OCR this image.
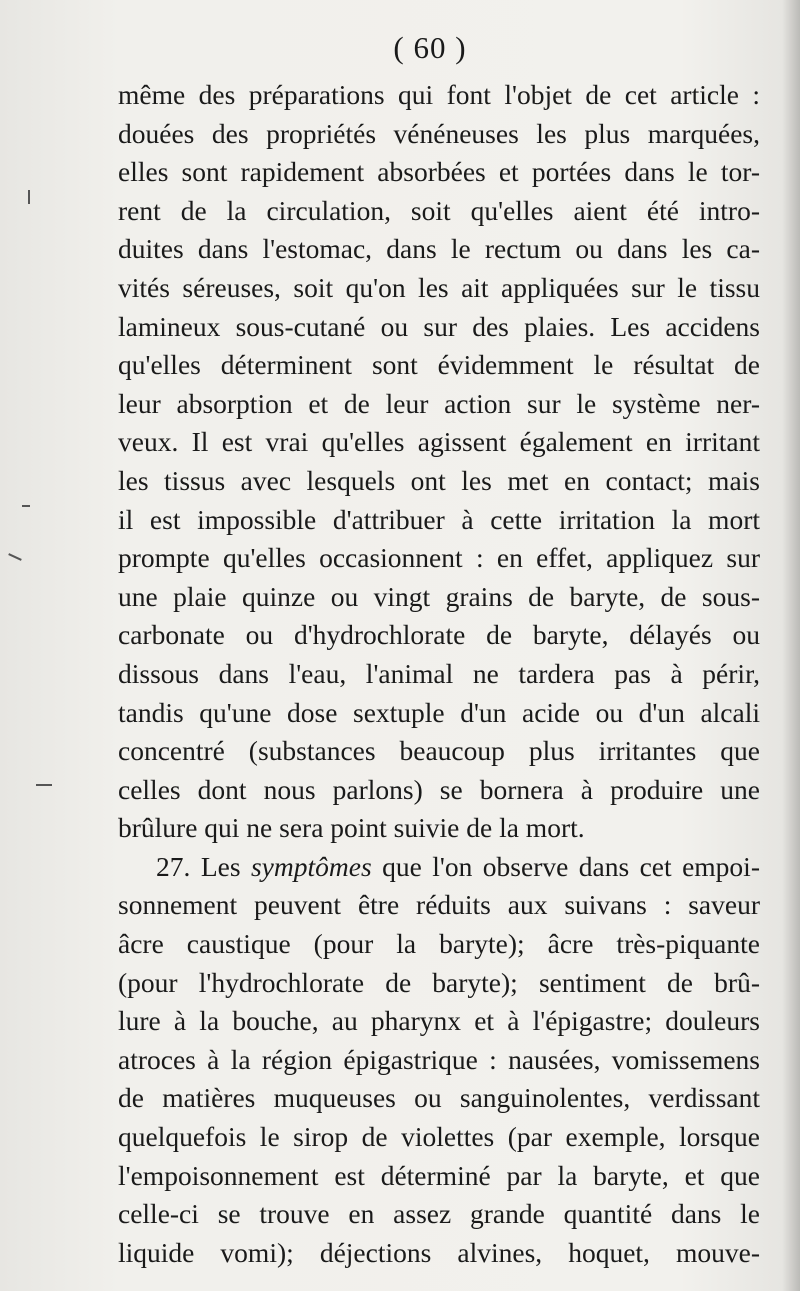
( 60 )
même des préparations qui font l'objet de cet article :
douées des propriétés vénéneuses les plus marquées,
elles sont rapidement absorbées et portées dans le tor-
rent de la circulation, soit qu'elles aient été intro-
duites dans l'estomac, dans le rectum ou dans les ca-
vités séreuses, soit qu'on les ait appliquées sur le tissu
lamineux sous-cutané ou sur des plaies. Les accidens
qu'elles déterminent sont évidemment le résultat de
leur absorption et de leur action sur le système ner-
veux. Il est vrai qu'elles agissent également en irritant
les tissus avec lesquels ont les met en contact; mais
il est impossible d'attribuer à cette irritation la mort
prompte qu'elles occasionnent : en effet, appliquez sur
une plaie quinze ou vingt grains de baryte, de sous-
carbonate ou d'hydrochlorate de baryte, délayés ou
dissous dans l'eau, l'animal ne tardera pas à périr,
tandis qu'une dose sextuple d'un acide ou d'un alcali
concentré (substances beaucoup plus irritantes que
celles dont nous parlons) se bornera à produire une
brûlure qui ne sera point suivie de la mort.
27. Les symptômes que l'on observe dans cet empoi-
sonnement peuvent être réduits aux suivans : saveur
âcre caustique (pour la baryte); âcre très-piquante
(pour l'hydrochlorate de baryte); sentiment de brû-
lure à la bouche, au pharynx et à l'épigastre; douleurs
atroces à la région épigastrique : nausées, vomissemens
de matières muqueuses ou sanguinolentes, verdissant
quelquefois le sirop de violettes (par exemple, lorsque
l'empoisonnement est déterminé par la baryte, et que
celle-ci se trouve en assez grande quantité dans le
liquide vomi); déjections alvines, hoquet, mouve-
